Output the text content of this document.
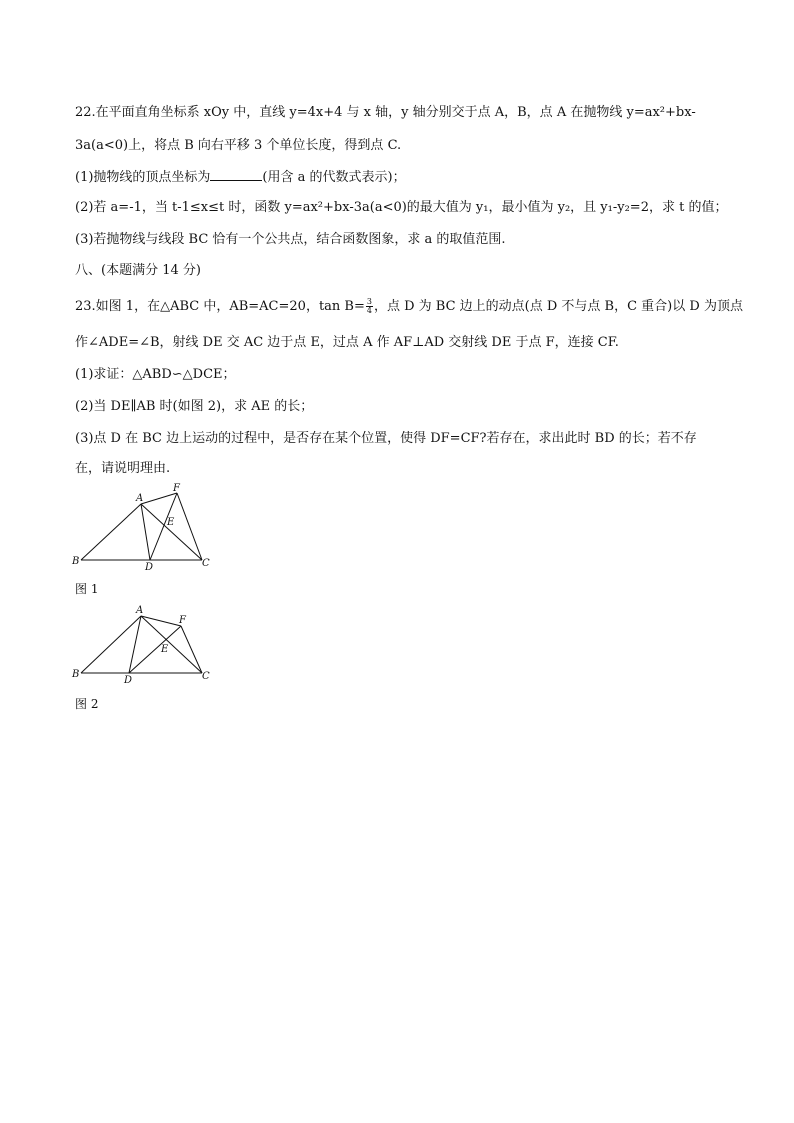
22.在平面直角坐标系 xOy 中，直线 y=4x+4 与 x 轴，y 轴分别交于点 A，B，点 A 在抛物线 y=ax²+bx-
3a(a<0)上，将点 B 向右平移 3 个单位长度，得到点 C.
(1)抛物线的顶点坐标为	(用含 a 的代数式表示)；
(2)若 a=-1，当 t-1≤x≤t 时，函数 y=ax²+bx-3a(a<0)的最大值为 y₁，最小值为 y₂，且 y₁-y₂=2，求 t 的值；
(3)若抛物线与线段 BC 恰有一个公共点，结合函数图象，求 a 的取值范围.
八、(本题满分 14 分)
23.如图 1，在△ABC 中，AB=AC=20，$\tan B= \frac{3}{4}$ ，点 D 为 BC 边上的动点(点 D 不与点 B，C 重合)以 D 为顶点
作∠ADE=∠B，射线 DE 交 AC 边于点 E，过点 A 作 AF⊥AD 交射线 DE 于点 F，连接 CF.
(1)求证：△ABD∽△DCE；
(2)当 DE∥AB 时(如图 2)，求 AE 的长；
(3)点 D 在 BC 边上运动的过程中，是否存在某个位置，使得 DF=CF?若存在，求出此时 BD 的长；若不存
在，请说明理由.
A
F
E
B
D	C
图 1
A
F
E
B
D	C
图 2
